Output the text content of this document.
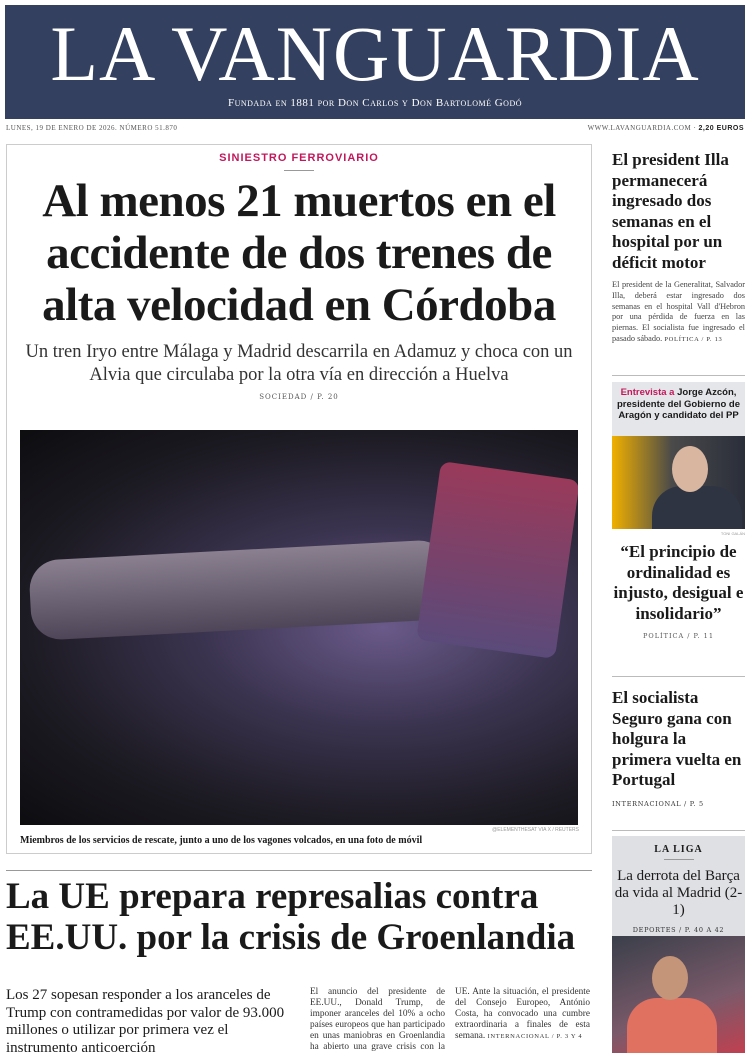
LA VANGUARDIA
Fundada en 1881 por Don Carlos y Don Bartolomé Godó
LUNES, 19 DE ENERO DE 2026. NÚMERO 51.870	WWW.LAVANGUARDIA.COM · 2,20 EUROS
SINIESTRO FERROVIARIO
Al menos 21 muertos en el accidente de dos trenes de alta velocidad en Córdoba
Un tren Iryo entre Málaga y Madrid descarrila en Adamuz y choca con un Alvia que circulaba por la otra vía en dirección a Huelva
SOCIEDAD / P. 20
@ELEMENTHESAT VIA X / REUTERS
Miembros de los servicios de rescate, junto a uno de los vagones volcados, en una foto de móvil
La UE prepara represalias contra EE.UU. por la crisis de Groenlandia
Los 27 sopesan responder a los aranceles de Trump con contramedidas por valor de 93.000 millones o utilizar por primera vez el instrumento anticoerción
El anuncio del presidente de EE.UU., Donald Trump, de imponer aranceles del 10% a ocho países europeos que han participado en unas maniobras en Groenlandia ha abierto una grave crisis con la UE. Ante la situación, el presidente del Consejo Europeo, António Costa, ha convocado una cumbre extraordinaria a finales de esta semana. INTERNACIONAL / P. 3 Y 4
El president Illa permanecerá ingresado dos semanas en el hospital por un déficit motor

El president de la Generalitat, Salvador Illa, deberá estar ingresado dos semanas en el hospital Vall d'Hebron por una pérdida de fuerza en las piernas. El socialista fue ingresado el pasado sábado. POLÍTICA / P. 13

Entrevista a Jorge Azcón, presidente del Gobierno de Aragón y candidato del PP
TONI GALÁN
“El principio de ordinalidad es injusto, desigual e insolidario”
POLÍTICA / P. 11
El socialista Seguro gana con holgura la primera vuelta en Portugal
INTERNACIONAL / P. 5
LA LIGA
La derrota del Barça da vida al Madrid (2-1)
DEPORTES / P. 40 A 42
